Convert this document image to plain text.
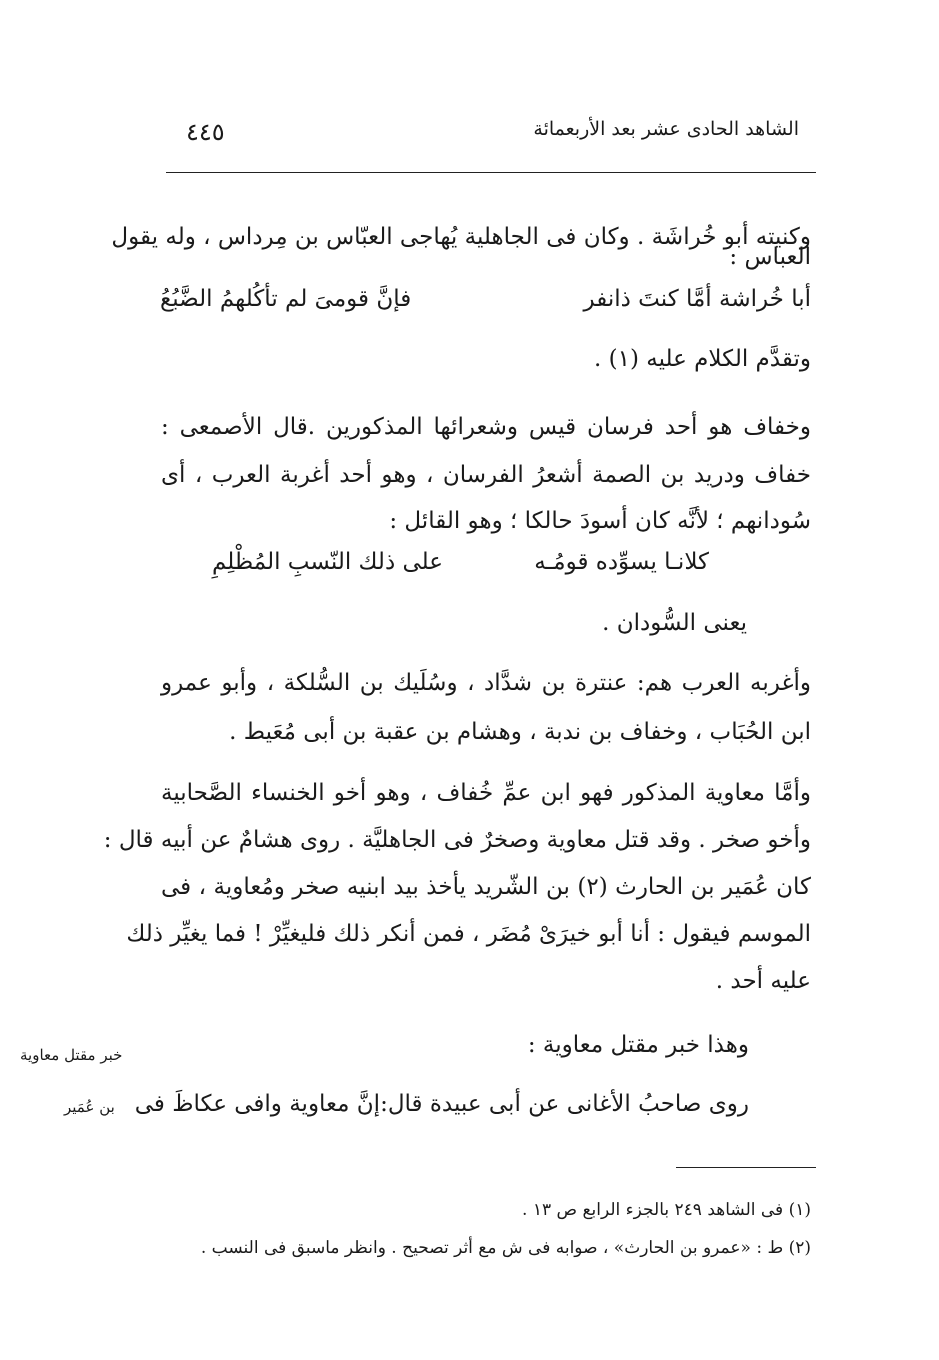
الشاهد الحادى عشر بعد الأربعمائة
٤٤٥
وكنيته أبو خُراشَة . وكان فى الجاهلية يُهاجى العبّاس بن مِرداس ، وله يقول
العباس :
أبا خُراشة أمَّا كنتَ ذانفر
فإنَّ قومىَ لم تأكُلهمُ الضَّبُعُ
وتقدَّم الكلام عليه (١) .
وخفاف هو أحد فرسان قيس وشعرائها المذكورين .قال الأصمعى :
خفاف ودريد بن الصمة أشعرُ الفرسان ، وهو أحد أغربة العرب ، أى
سُودانهم ؛ لأنَّه كان أسودَ حالكا ؛ وهو القائل :
كلانـا يسوِّده قومُـه
على ذلك النّسبِ المُظْلِمِ
يعنى السُّودان .
وأغربه العرب هم: عنترة بن شدَّاد ، وسُلَيك بن السُّلكة ، وأبو عمرو
ابن الحُبَاب ، وخفاف بن ندبة ، وهشام بن عقبة بن أبى مُعَيط .
وأمَّا معاوية المذكور فهو ابن عمِّ خُفاف ، وهو أخو الخنساء الصَّحابية
وأخو صخر . وقد قتل معاوية وصخرٌ فى الجاهليَّة . روى هشامٌ عن أبيه قال :
كان عُمَير بن الحارث (٢) بن الشّريد يأخذ بيد ابنيه صخر ومُعاوية ، فى
الموسم فيقول : أنا أبو خيرَىْ مُضَر ، فمن أنكر ذلك فليغيِّرْ ! فما يغيِّر ذلك
عليه أحد .
وهذا خبر مقتل معاوية :
خبر مقتل معاوية
روى صاحبُ الأغانى عن أبى عبيدة قال:إنَّ معاوية وافى عكاظَ فى
بن عُمَير
(١) فى الشاهد ٢٤٩ بالجزء الرابع ص ١٣ .
(٢) ط : «عمرو بن الحارث» ، صوابه فى ش مع أثر تصحيح . وانظر ماسبق فى النسب .
